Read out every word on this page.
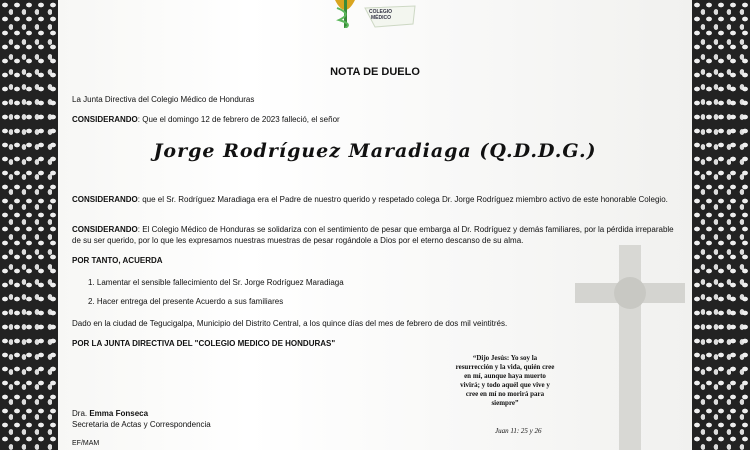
COLEGIO
MÉDICO
NOTA DE DUELO
La Junta Directiva del Colegio Médico de Honduras
CONSIDERANDO: Que el domingo 12 de febrero de 2023 falleció, el señor
Jorge Rodríguez Maradiaga (Q.D.D.G.)
CONSIDERANDO: que el Sr. Rodríguez Maradiaga era el Padre de nuestro querido y respetado colega Dr. Jorge Rodríguez miembro activo de este honorable Colegio.
CONSIDERANDO: El Colegio Médico de Honduras se solidariza con el sentimiento de pesar que embarga al Dr. Rodríguez y demás familiares, por la pérdida irreparable de su ser querido, por lo que les expresamos nuestras muestras de pesar rogándole a Dios por el eterno descanso de su alma.
POR TANTO, ACUERDA
1. Lamentar el sensible fallecimiento del Sr. Jorge Rodríguez Maradiaga
2. Hacer entrega del presente Acuerdo a sus familiares
Dado en la ciudad de Tegucigalpa, Municipio del Distrito Central, a los quince días del mes de febrero de dos mil veintitrés.
POR LA JUNTA DIRECTIVA DEL "COLEGIO MEDICO DE HONDURAS"
“Dijo Jesús: Yo soy la resurrección y la vida, quién cree en mí, aunque haya muerto vivirá; y todo aquél que vive y cree en mí no morirá para siempre”
Juan 11: 25 y 26
Dra. Emma Fonseca
Secretaria de Actas y Correspondencia
EF/MAM
